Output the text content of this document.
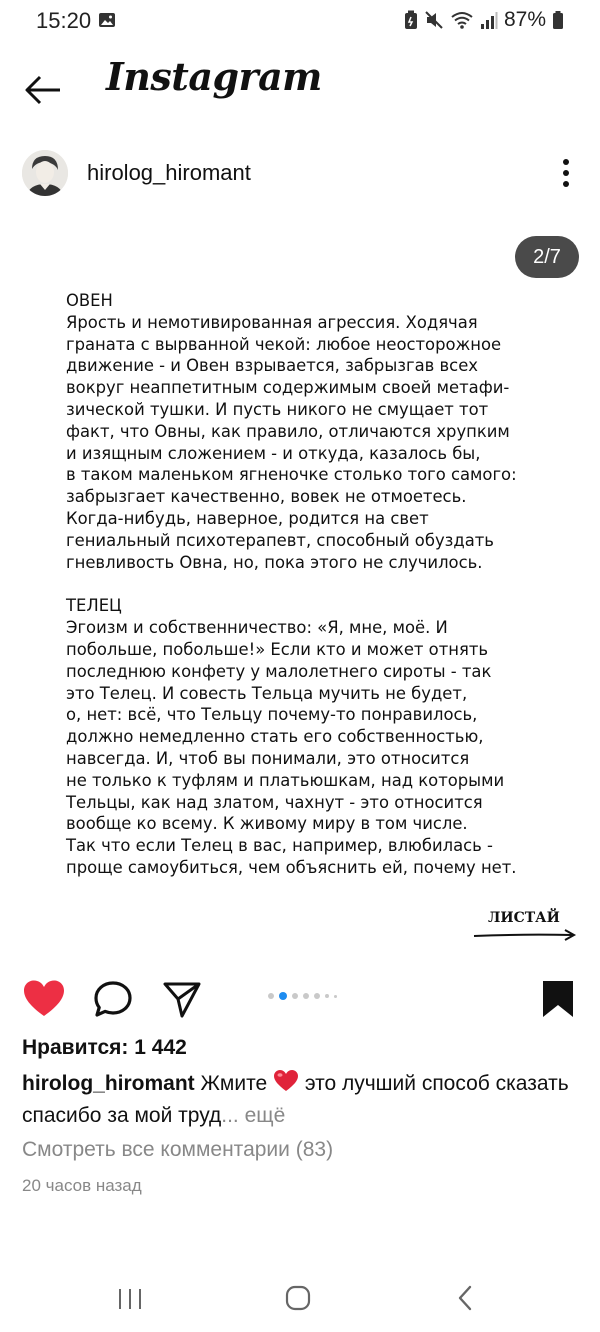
15:20	87%
Instagram
hirolog_hiromant
2/7
ОВЕН
Ярость и немотивированная агрессия. Ходячая
граната с вырванной чекой: любое неосторожное
движение - и Овен взрывается, забрызгав всех
вокруг неаппетитным содержимым своей метафи-
зической тушки. И пусть никого не смущает тот
факт, что Овны, как правило, отличаются хрупким
и изящным сложением - и откуда, казалось бы,
в таком маленьком ягненочке столько того самого:
забрызгает качественно, вовек не отмоетесь.
Когда-нибудь, наверное, родится на свет
гениальный психотерапевт, способный обуздать
гневливость Овна, но, пока этого не случилось.
ТЕЛЕЦ
Эгоизм и собственничество: «Я, мне, моё. И
побольше, побольше!» Если кто и может отнять
последнюю конфету у малолетнего сироты - так
это Телец. И совесть Тельца мучить не будет,
о, нет: всё, что Тельцу почему-то понравилось,
должно немедленно стать его собственностью,
навсегда. И, чтоб вы понимали, это относится
не только к туфлям и платьюшкам, над которыми
Тельцы, как над златом, чахнут - это относится
вообще ко всему. К живому миру в том числе.
Так что если Телец в вас, например, влюбилась -
проще самоубиться, чем объяснить ей, почему нет.
ЛИСТАЙ
Нравится: 1 442
hirolog_hiromant Жмите это лучший способ сказать спасибо за мой труд... ещё
Смотреть все комментарии (83)
20 часов назад
